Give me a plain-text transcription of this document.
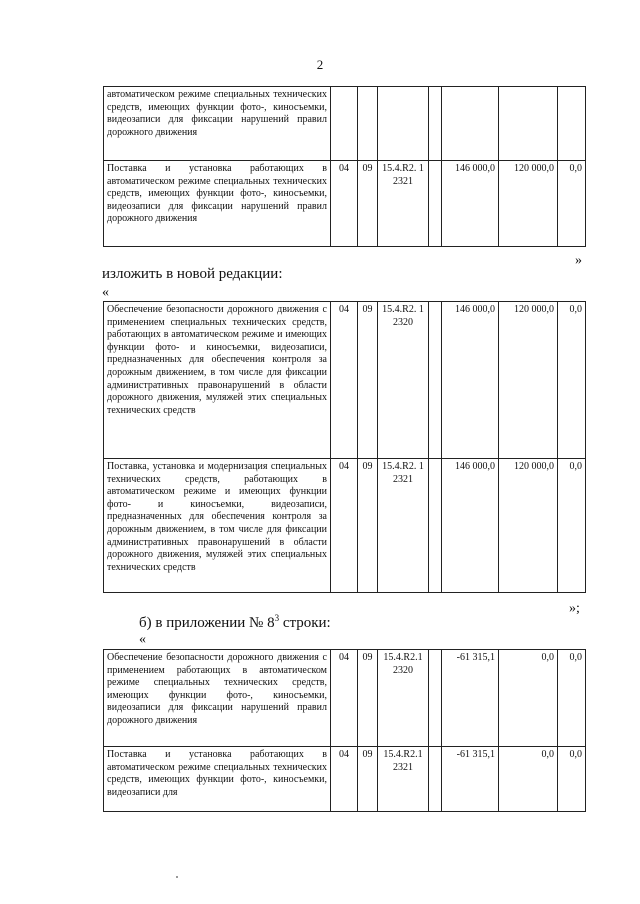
2
автоматическом режиме специальных технических средств, имеющих функции фото-, киносъемки, видеозаписи для фиксации нарушений правил дорожного движения							
Поставка и установка работающих в автоматическом режиме специальных технических средств, имеющих функции фото-, киносъемки, видеозаписи для фиксации нарушений правил дорожного движения	04	09	15.4.R2. 12321		146 000,0	120 000,0	0,0
»
изложить в новой редакции:
«
Обеспечение безопасности дорожного движения с применением специальных технических средств, работающих в автоматическом режиме и имеющих функции фото- и киносъемки, видеозаписи, предназначенных для обеспечения контроля за дорожным движением, в том числе для фиксации административных правонарушений в области дорожного движения, муляжей этих специальных технических средств	04	09	15.4.R2. 12320		146 000,0	120 000,0	0,0
Поставка, установка и модернизация специальных технических средств, работающих в автоматическом режиме и имеющих функции фото- и киносъемки, видеозаписи, предназначенных для обеспечения контроля за дорожным движением, в том числе для фиксации административных правонарушений в области дорожного движения, муляжей этих специальных технических средств	04	09	15.4.R2. 12321		146 000,0	120 000,0	0,0
»;
б) в приложении № $8^3$ строки:
«
Обеспечение безопасности дорожного движения с применением работающих в автоматическом режиме специальных технических средств, имеющих функции фото-, киносъемки, видеозаписи для фиксации нарушений правил дорожного движения	04	09	15.4.R2.1 2320		-61 315,1	0,0	0,0
Поставка и установка работающих в автоматическом режиме специальных технических средств, имеющих функции фото-, киносъемки, видеозаписи для	04	09	15.4.R2.1 2321		-61 315,1	0,0	0,0
